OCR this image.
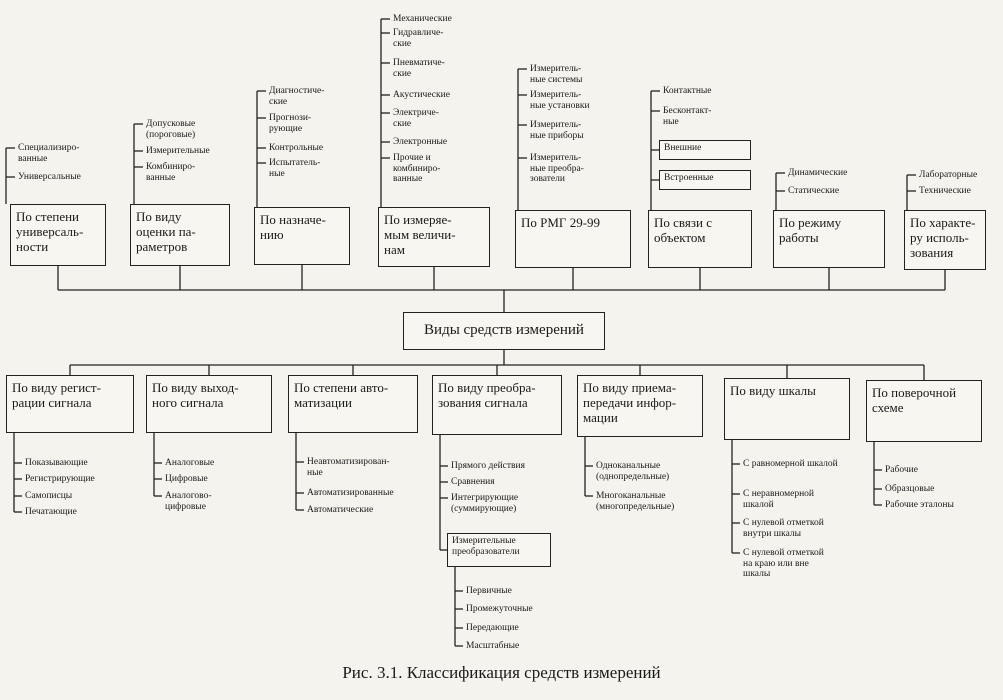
Виды средств измерений
Рис. 3.1. Классификация средств измерений
По степени
универсаль-
ности
Специализиро-
ванные
Универсальные
По виду
оценки па-
раметров
Допусковые
(пороговые)
Измерительные
Комбиниро-
ванные
По назначе-
нию
Диагностиче-
ские
Прогнози-
рующие
Контрольные
Испытатель-
ные
По измеряе-
мым величи-
нам
Механические
Гидравличе-
ские
Пневматиче-
ские
Акустические
Электриче-
ские
Электронные
Прочие и
комбиниро-
ванные
По РМГ 29-99
Измеритель-
ные системы
Измеритель-
ные установки
Измеритель-
ные приборы
Измеритель-
ные преобра-
зователи
По связи с
объектом
Контактные
Бесконтакт-
ные
Внешние
Встроенные
По режиму
работы
Динамические
Статические
По характе-
ру исполь-
зования
Лабораторные
Технические
По виду регист-
рации сигнала
Показывающие
Регистрирующие
Самописцы
Печатающие
По виду выход-
ного сигнала
Аналоговые
Цифровые
Аналогово-
цифровые
По степени авто-
матизации
Неавтоматизирован-
ные
Автоматизированные
Автоматические
По виду преобра-
зования сигнала
Прямого действия
Сравнения
Интегрирующие
(суммирующие)
Измерительные
преобразователи
Первичные
Промежуточные
Передающие
Масштабные
По виду приема-
передачи инфор-
мации
Одноканальные
(однопредельные)
Многоканальные
(многопредельные)
По виду шкалы
С равномерной шкалой
С неравномерной
шкалой
С нулевой отметкой
внутри шкалы
С нулевой отметкой
на краю или вне
шкалы
По поверочной
схеме
Рабочие
Образцовые
Рабочие эталоны
